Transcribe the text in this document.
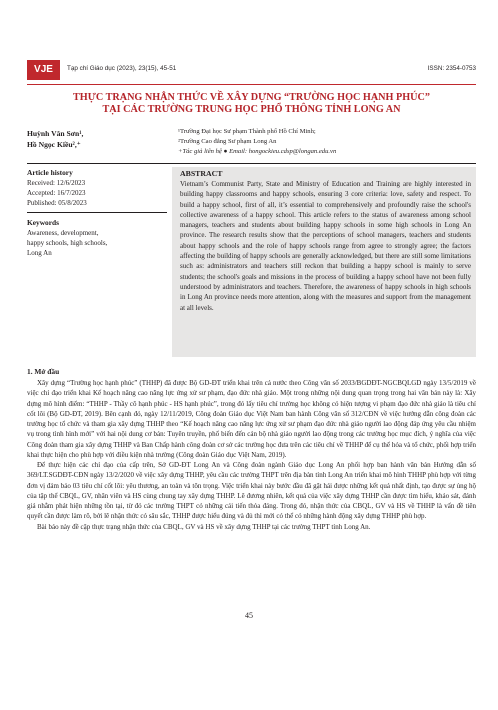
VJE	Tạp chí Giáo dục (2023), 23(15), 45-51	ISSN: 2354-0753
THỰC TRẠNG NHẬN THỨC VỀ XÂY DỰNG “TRƯỜNG HỌC HẠNH PHÚC”
TẠI CÁC TRƯỜNG TRUNG HỌC PHỔ THÔNG TỈNH LONG AN
Huỳnh Văn Sơn¹,
Hồ Ngọc Kiều²,⁺
¹Trường Đại học Sư phạm Thành phố Hồ Chí Minh;
²Trường Cao đẳng Sư phạm Long An
+Tác giả liên hệ ● Email: hongockieu.cdsp@longan.edu.vn
Article history
Received: 12/6/2023
Accepted: 16/7/2023
Published: 05/8/2023
Keywords
Awareness, development,
happy schools, high schools,
Long An
ABSTRACT
Vietnam’s Communist Party, State and Ministry of Education and Training are highly interested in building happy classrooms and happy schools, ensuring 3 core criteria: love, safety and respect. To build a happy school, first of all, it’s essential to comprehensively and profoundly raise the school's collective awareness of a happy school. This article refers to the status of awareness among school managers, teachers and students about building happy schools in some high schools in Long An province. The research results show that the perceptions of school managers, teachers and students about happy schools and the role of happy schools range from agree to strongly agree; the factors affecting the building of happy schools are generally acknowledged, but there are still some limitations such as: administrators and teachers still reckon that building a happy school is mainly to serve students; the school's goals and missions in the process of building a happy school have not been fully understood by administrators and teachers. Therefore, the awareness of happy schools in high schools in Long An province needs more attention, along with the measures and support from the management at all levels.
1. Mở đầu

Xây dựng “Trường học hạnh phúc” (THHP) đã được Bộ GD-ĐT triển khai trên cả nước theo Công văn số 2033/BGDĐT-NGCBQLGD ngày 13/5/2019 về việc chỉ đạo triển khai Kế hoạch nâng cao năng lực ứng xử sư phạm, đạo đức nhà giáo. Một trong những nội dung quan trọng trong hai văn bản này là: Xây dựng mô hình điểm: “THHP - Thầy cô hạnh phúc - HS hạnh phúc”, trong đó lấy tiêu chí trường học không có hiện tượng vi phạm đạo đức nhà giáo là tiêu chí cốt lõi (Bộ GD-ĐT, 2019). Bên cạnh đó, ngày 12/11/2019, Công đoàn Giáo dục Việt Nam ban hành Công văn số 312/CĐN về việc hướng dẫn công đoàn các trường học tổ chức và tham gia xây dựng THHP theo “Kế hoạch nâng cao năng lực ứng xử sư phạm đạo đức nhà giáo người lao động đáp ứng yêu cầu nhiệm vụ trong tình hình mới” với hai nội dung cơ bản: Tuyên truyền, phổ biến đến cán bộ nhà giáo người lao động trong các trường học mục đích, ý nghĩa của việc Công đoàn tham gia xây dựng THHP và Ban Chấp hành công đoàn cơ sở các trường học đưa trên các tiêu chí về THHP để cụ thể hóa và tổ chức, phối hợp triển khai thực hiện cho phù hợp với điều kiện nhà trường (Công đoàn Giáo dục Việt Nam, 2019).

Để thực hiện các chỉ đạo của cấp trên, Sở GD-ĐT Long An và Công đoàn ngành Giáo dục Long An phối hợp ban hành văn bản Hướng dẫn số 369/LT.SGDĐT-CĐN ngày 13/2/2020 về việc xây dựng THHP, yêu cầu các trường THPT trên địa bàn tỉnh Long An triển khai mô hình THHP phù hợp với từng đơn vị đảm bảo 03 tiêu chí cốt lõi: yêu thương, an toàn và tôn trọng. Việc triển khai này bước đầu đã gặt hái được những kết quả nhất định, tạo được sự ủng hộ của tập thể CBQL, GV, nhân viên và HS cùng chung tay xây dựng THHP. Lê đương nhiên, kết quả của việc xây dựng THHP cần được tìm hiểu, khảo sát, đánh giá nhằm phát hiện những tồn tại, từ đó các trường THPT có những cải tiến thỏa đáng. Trong đó, nhận thức của CBQL, GV và HS về THHP là vấn đề tiên quyết cần được làm rõ, bởi lẽ nhận thức có sâu sắc, THHP được hiểu đúng và đủ thì mới có thể có những hành động xây dựng THHP phù hợp.

Bài báo này đề cập thực trạng nhận thức của CBQL, GV và HS về xây dựng THHP tại các trường THPT tỉnh Long An.

45
